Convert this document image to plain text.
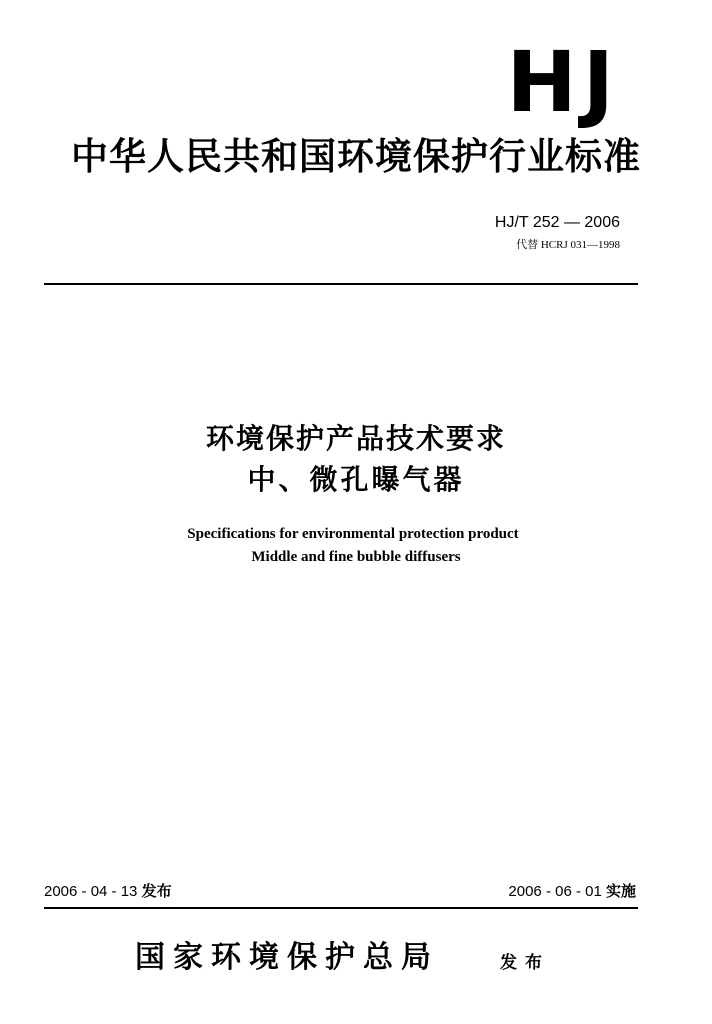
HJ
中华人民共和国环境保护行业标准
HJ/T 252 — 2006
代替 HCRJ 031—1998
环境保护产品技术要求
中、微孔曝气器
Specifications for environmental protection product
Middle and fine bubble diffusers
2006 - 04 - 13 发布	2006 - 06 - 01 实施
国家环境保护总局	发布
